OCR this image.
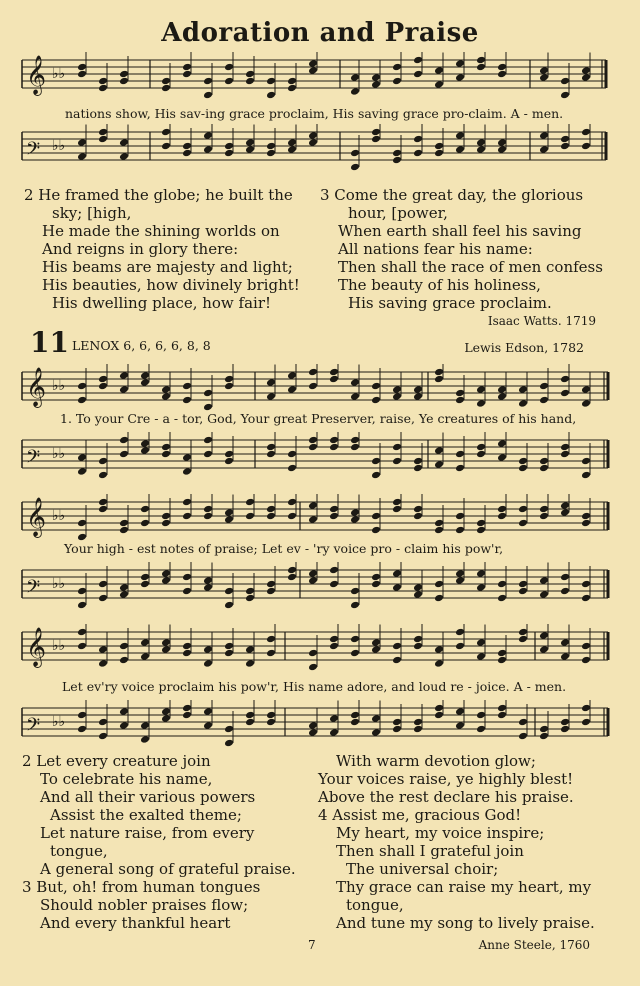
Adoration and Praise
𝄞 ♭♭
nations show, His sav-ing grace proclaim, His saving grace pro-claim. A - men.
𝄢 ♭♭
2 He framed the globe; he built the
sky; [high,
He made the shining worlds on
And reigns in glory there:
His beams are majesty and light;
His beauties, how divinely bright!
His dwelling place, how fair!
3 Come the great day, the glorious
hour, [power,
When earth shall feel his saving
All nations fear his name:
Then shall the race of men confess
The beauty of his holiness,
His saving grace proclaim.
Isaac Watts. 1719
11 LENOX 6, 6, 6, 6, 8, 8	Lewis Edson, 1782
𝄞 ♭♭
1. To your Cre - a - tor, God, Your great Preserver, raise, Ye creatures of his hand,
𝄢 ♭♭
𝄞 ♭♭
Your high - est notes of praise; Let ev - 'ry voice pro - claim his pow'r,
𝄢 ♭♭
𝄞 ♭♭
Let ev'ry voice proclaim his pow'r, His name adore, and loud re - joice. A - men.
𝄢 ♭♭
2 Let every creature join
To celebrate his name,
And all their various powers
Assist the exalted theme;
Let nature raise, from every
tongue,
A general song of grateful praise.
3 But, oh! from human tongues
Should nobler praises flow;
And every thankful heart
With warm devotion glow;
Your voices raise, ye highly blest!
Above the rest declare his praise.
4 Assist me, gracious God!
My heart, my voice inspire;
Then shall I grateful join
The universal choir;
Thy grace can raise my heart, my
tongue,
And tune my song to lively praise.
7	Anne Steele, 1760
